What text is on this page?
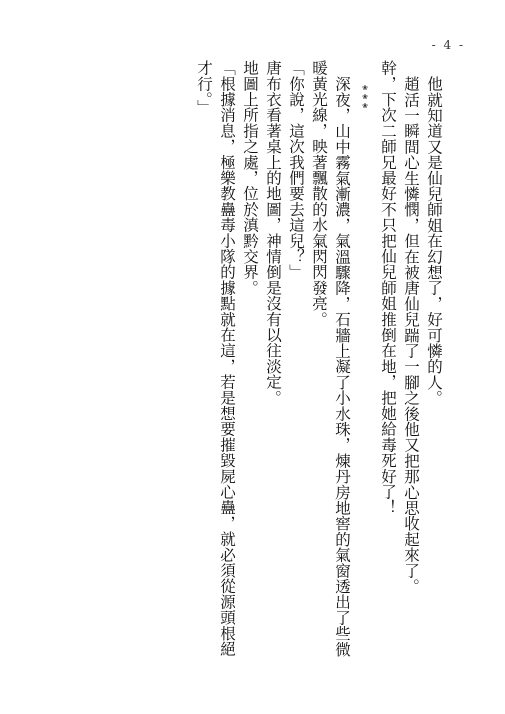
- 4 -

他就知道又是仙兒師姐在幻想了，好可憐的人。

趙活一瞬間心生憐憫，但在被唐仙兒踹了一腳之後他又把那心思收起來了。

幹，下次二師兄最好不只把仙兒師姐推倒在地，把她給毒死好了！

❀❀❀

深夜，山中霧氣漸濃，氣溫驟降，石牆上凝了小水珠，煉丹房地窖的氣窗透出了些微暖黃光線，映著飄散的水氣閃閃發亮。

「你說，這次我們要去這兒？」

唐布衣看著桌上的地圖，神情倒是沒有以往淡定。

地圖上所指之處，位於滇黔交界。

「根據消息，極樂教蠱毒小隊的據點就在這，若是想要摧毀屍心蠱，就必須從源頭根絕才行。」
